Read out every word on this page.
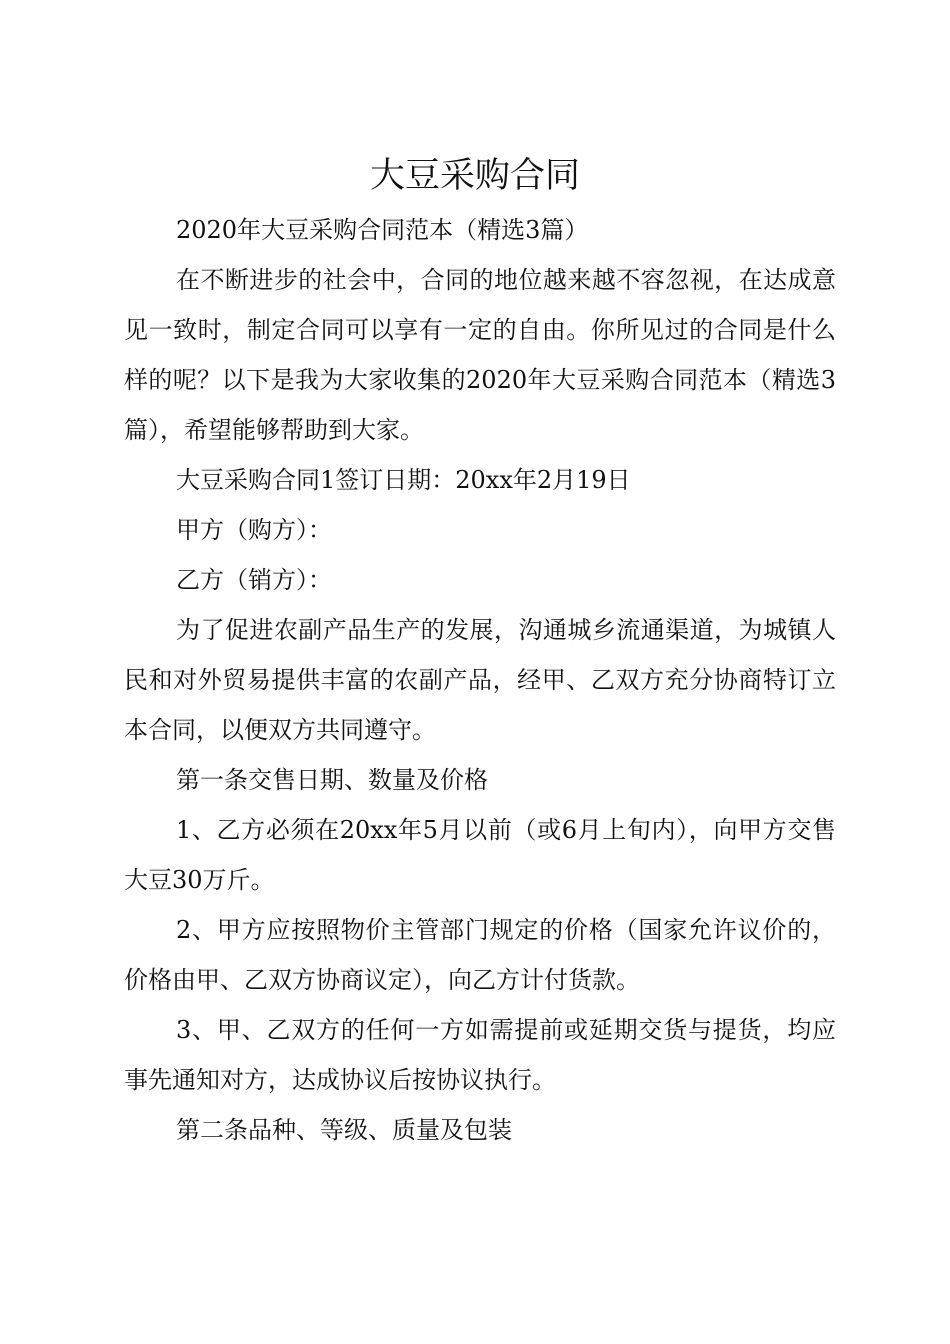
大豆采购合同

2020年大豆采购合同范本（精选3篇）

在不断进步的社会中，合同的地位越来越不容忽视，在达成意见一致时，制定合同可以享有一定的自由。你所见过的合同是什么样的呢？以下是我为大家收集的2020年大豆采购合同范本（精选3篇），希望能够帮助到大家。

大豆采购合同1签订日期：20xx年2月19日

甲方（购方）：

乙方（销方）：

为了促进农副产品生产的发展，沟通城乡流通渠道，为城镇人民和对外贸易提供丰富的农副产品，经甲、乙双方充分协商特订立本合同，以便双方共同遵守。

第一条交售日期、数量及价格

1、乙方必须在20xx年5月以前（或6月上旬内），向甲方交售大豆30万斤。

2、甲方应按照物价主管部门规定的价格（国家允许议价的，价格由甲、乙双方协商议定），向乙方计付货款。

3、甲、乙双方的任何一方如需提前或延期交货与提货，均应事先通知对方，达成协议后按协议执行。

第二条品种、等级、质量及包装
